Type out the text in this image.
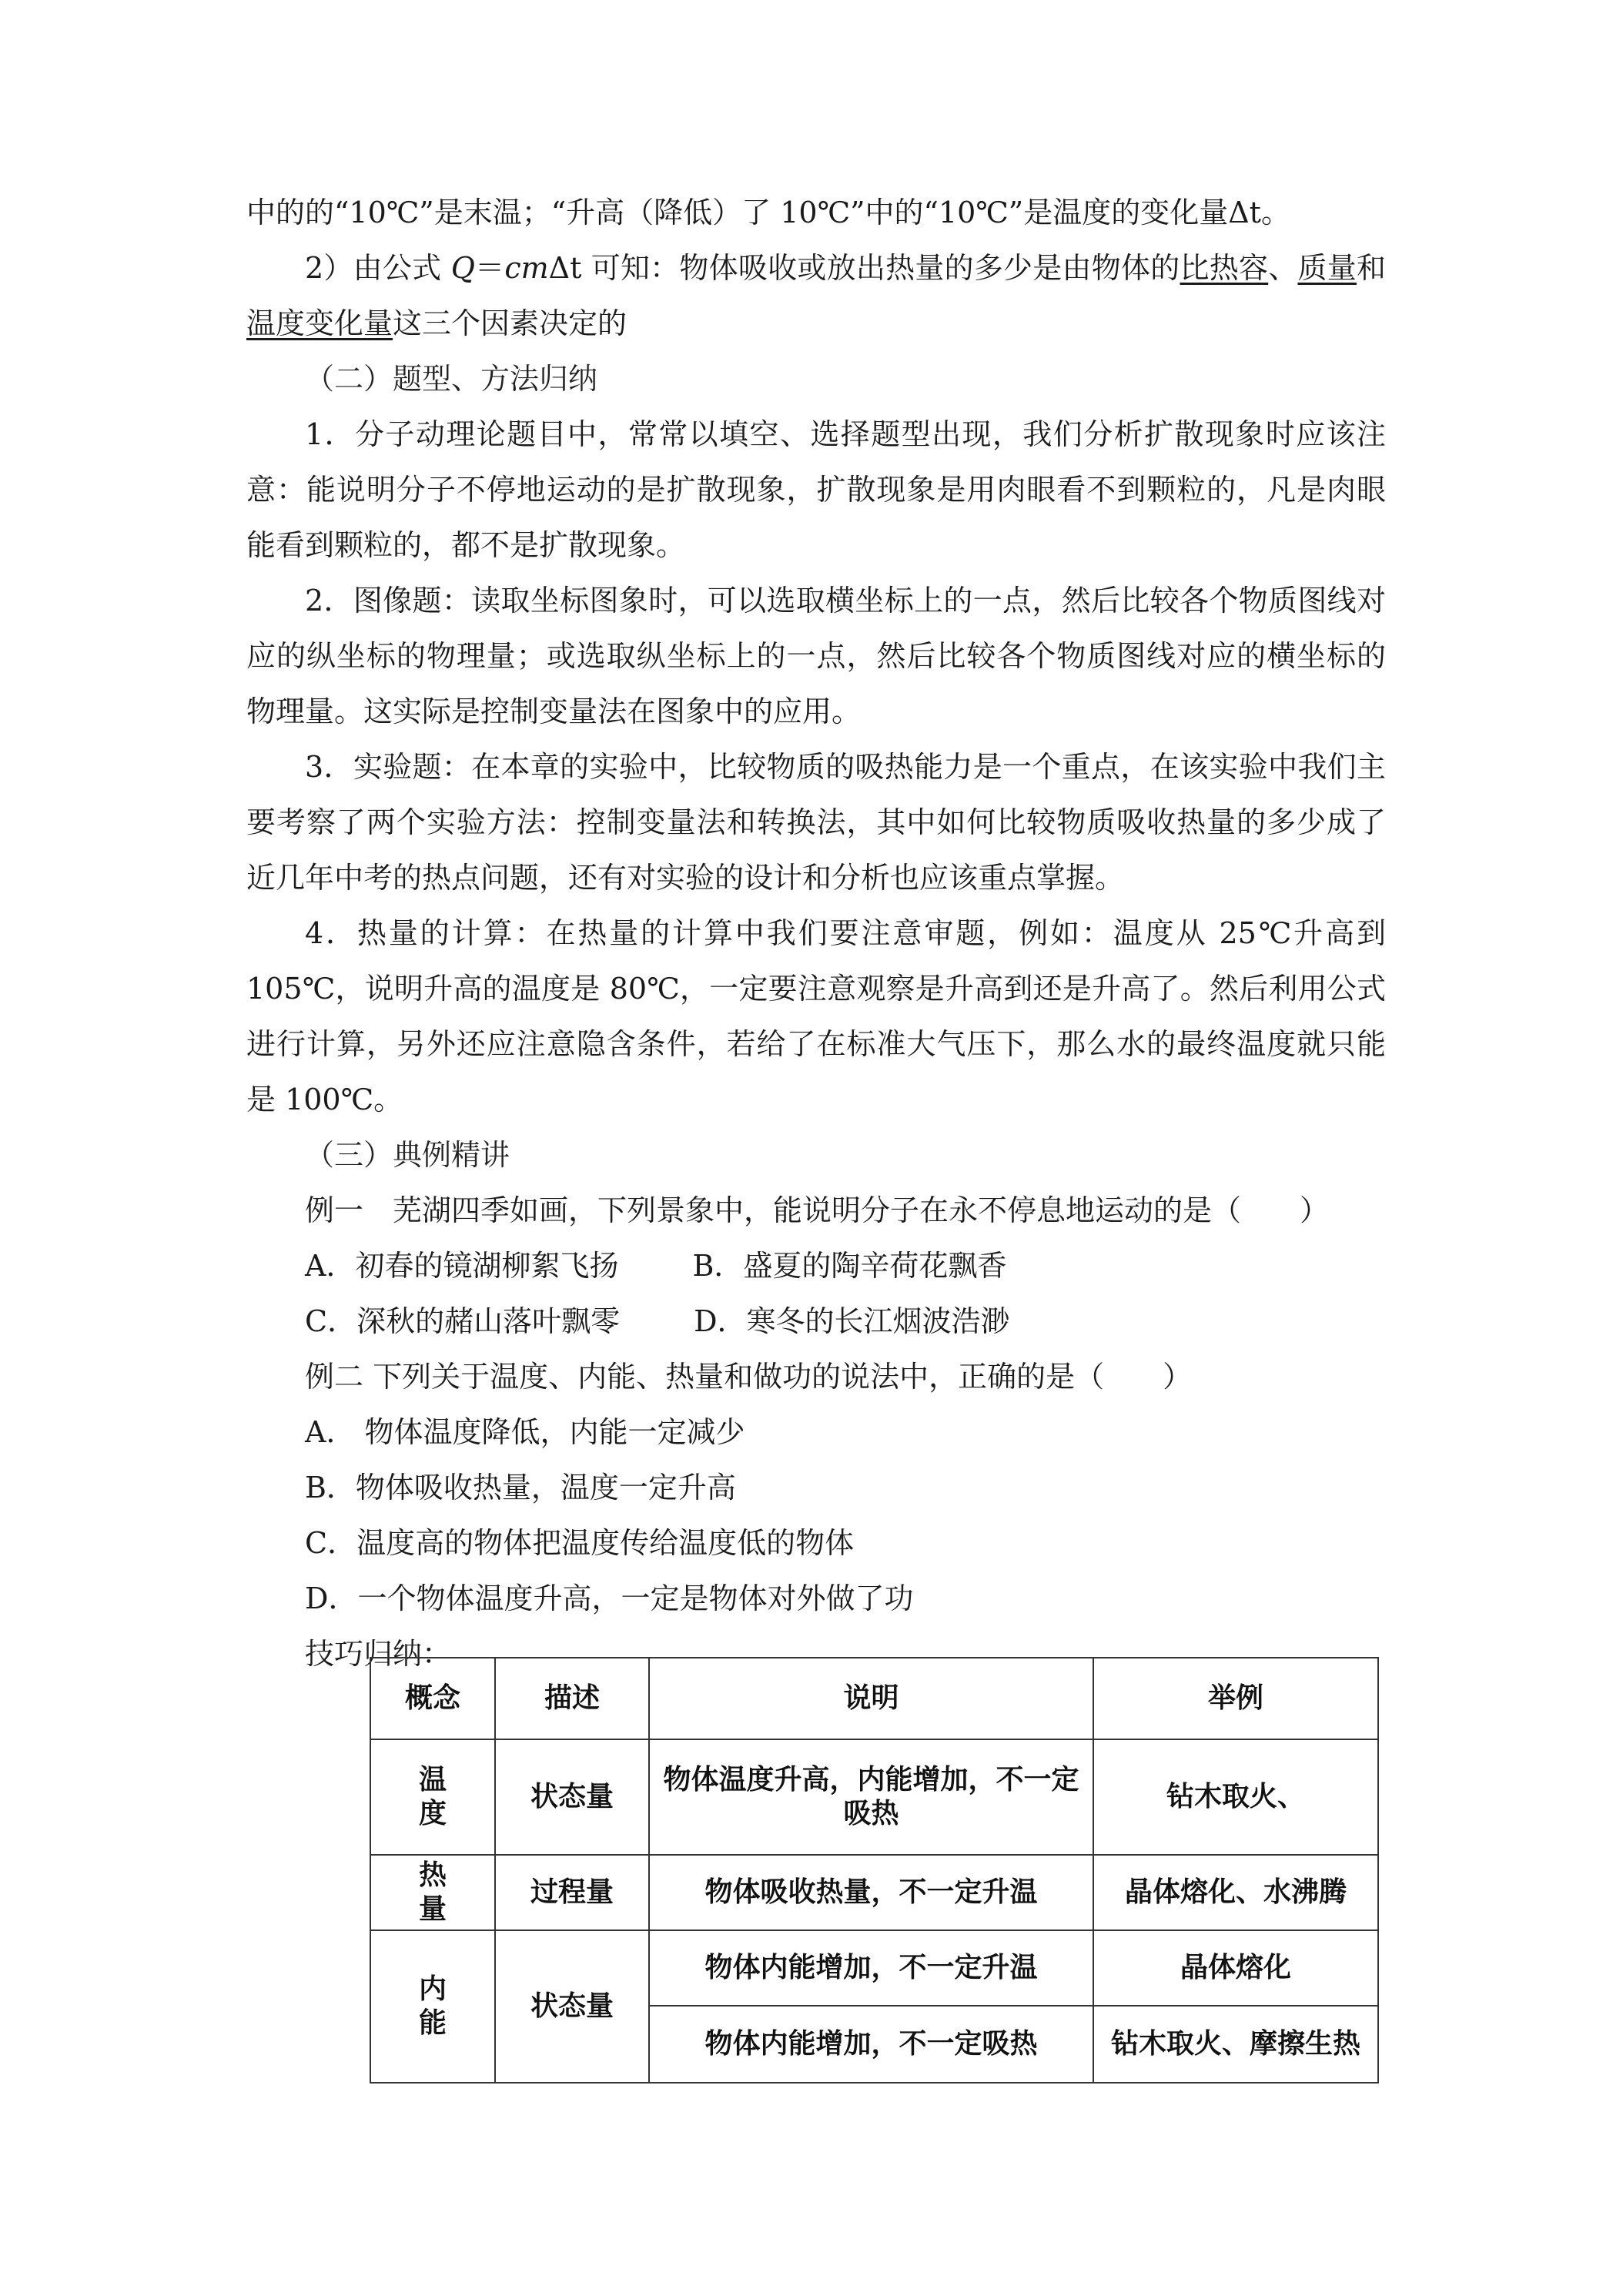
中的的“10℃”是末温；“升高（降低）了 10℃”中的“10℃”是温度的变化量Δt。

2）由公式 Q＝cmΔt 可知：物体吸收或放出热量的多少是由物体的比热容、质量和温度变化量这三个因素决定的

（二）题型、方法归纳

1．分子动理论题目中，常常以填空、选择题型出现，我们分析扩散现象时应该注意：能说明分子不停地运动的是扩散现象，扩散现象是用肉眼看不到颗粒的，凡是肉眼能看到颗粒的，都不是扩散现象。

2．图像题：读取坐标图象时，可以选取横坐标上的一点，然后比较各个物质图线对应的纵坐标的物理量；或选取纵坐标上的一点，然后比较各个物质图线对应的横坐标的物理量。这实际是控制变量法在图象中的应用。

3．实验题：在本章的实验中，比较物质的吸热能力是一个重点，在该实验中我们主要考察了两个实验方法：控制变量法和转换法，其中如何比较物质吸收热量的多少成了近几年中考的热点问题，还有对实验的设计和分析也应该重点掌握。

4．热量的计算：在热量的计算中我们要注意审题，例如：温度从 25℃升高到 105℃，说明升高的温度是 80℃，一定要注意观察是升高到还是升高了。然后利用公式进行计算，另外还应注意隐含条件，若给了在标准大气压下，那么水的最终温度就只能是 100℃。

（三）典例精讲
例一　芜湖四季如画，下列景象中，能说明分子在永不停息地运动的是（　　）
A．初春的镜湖柳絮飞扬	B．盛夏的陶辛荷花飘香
C．深秋的赭山落叶飘零	D．寒冬的长江烟波浩渺
例二 下列关于温度、内能、热量和做功的说法中，正确的是（　　）
A． 物体温度降低，内能一定减少
B．物体吸收热量，温度一定升高
C．温度高的物体把温度传给温度低的物体
D．一个物体温度升高，一定是物体对外做了功
技巧归纳：
概念	描述	说明	举例
温度	状态量	物体温度升高，内能增加，不一定吸热	钻木取火、
热量	过程量	物体吸收热量，不一定升温	晶体熔化、水沸腾
内能	状态量	物体内能增加，不一定升温	晶体熔化
		物体内能增加，不一定吸热	钻木取火、摩擦生热
